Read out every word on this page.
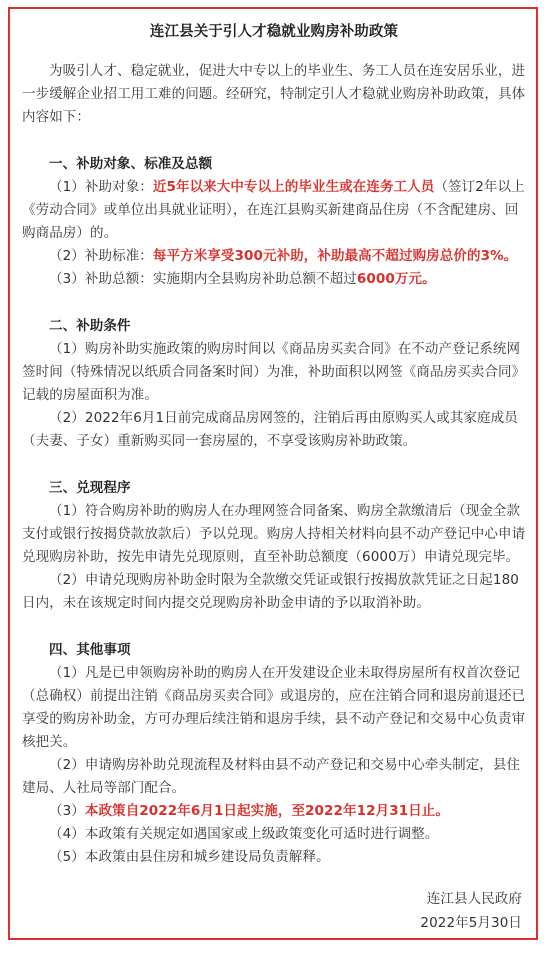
连江县关于引人才稳就业购房补助政策

为吸引人才、稳定就业，促进大中专以上的毕业生、务工人员在连安居乐业，进一步缓解企业招工用工难的问题。经研究，特制定引人才稳就业购房补助政策，具体内容如下：

一、补助对象、标准及总额

（1）补助对象：近5年以来大中专以上的毕业生或在连务工人员（签订2年以上《劳动合同》或单位出具就业证明），在连江县购买新建商品住房（不含配建房、回购商品房）的。

（2）补助标准：每平方米享受300元补助，补助最高不超过购房总价的3%。

（3）补助总额：实施期内全县购房补助总额不超过6000万元。

二、补助条件

（1）购房补助实施政策的购房时间以《商品房买卖合同》在不动产登记系统网签时间（特殊情况以纸质合同备案时间）为准，补助面积以网签《商品房买卖合同》记载的房屋面积为准。

（2）2022年6月1日前完成商品房网签的，注销后再由原购买人或其家庭成员（夫妻、子女）重新购买同一套房屋的，不享受该购房补助政策。

三、兑现程序

（1）符合购房补助的购房人在办理网签合同备案、购房全款缴清后（现金全款支付或银行按揭贷款放款后）予以兑现。购房人持相关材料向县不动产登记中心申请兑现购房补助，按先申请先兑现原则，直至补助总额度（6000万）申请兑现完毕。

（2）申请兑现购房补助金时限为全款缴交凭证或银行按揭放款凭证之日起180日内，未在该规定时间内提交兑现购房补助金申请的予以取消补助。

四、其他事项

（1）凡是已申领购房补助的购房人在开发建设企业未取得房屋所有权首次登记（总确权）前提出注销《商品房买卖合同》或退房的，应在注销合同和退房前退还已享受的购房补助金，方可办理后续注销和退房手续，县不动产登记和交易中心负责审核把关。

（2）申请购房补助兑现流程及材料由县不动产登记和交易中心牵头制定，县住建局、人社局等部门配合。

（3）本政策自2022年6月1日起实施，至2022年12月31日止。

（4）本政策有关规定如遇国家或上级政策变化可适时进行调整。

（5）本政策由县住房和城乡建设局负责解释。

连江县人民政府

2022年5月30日
